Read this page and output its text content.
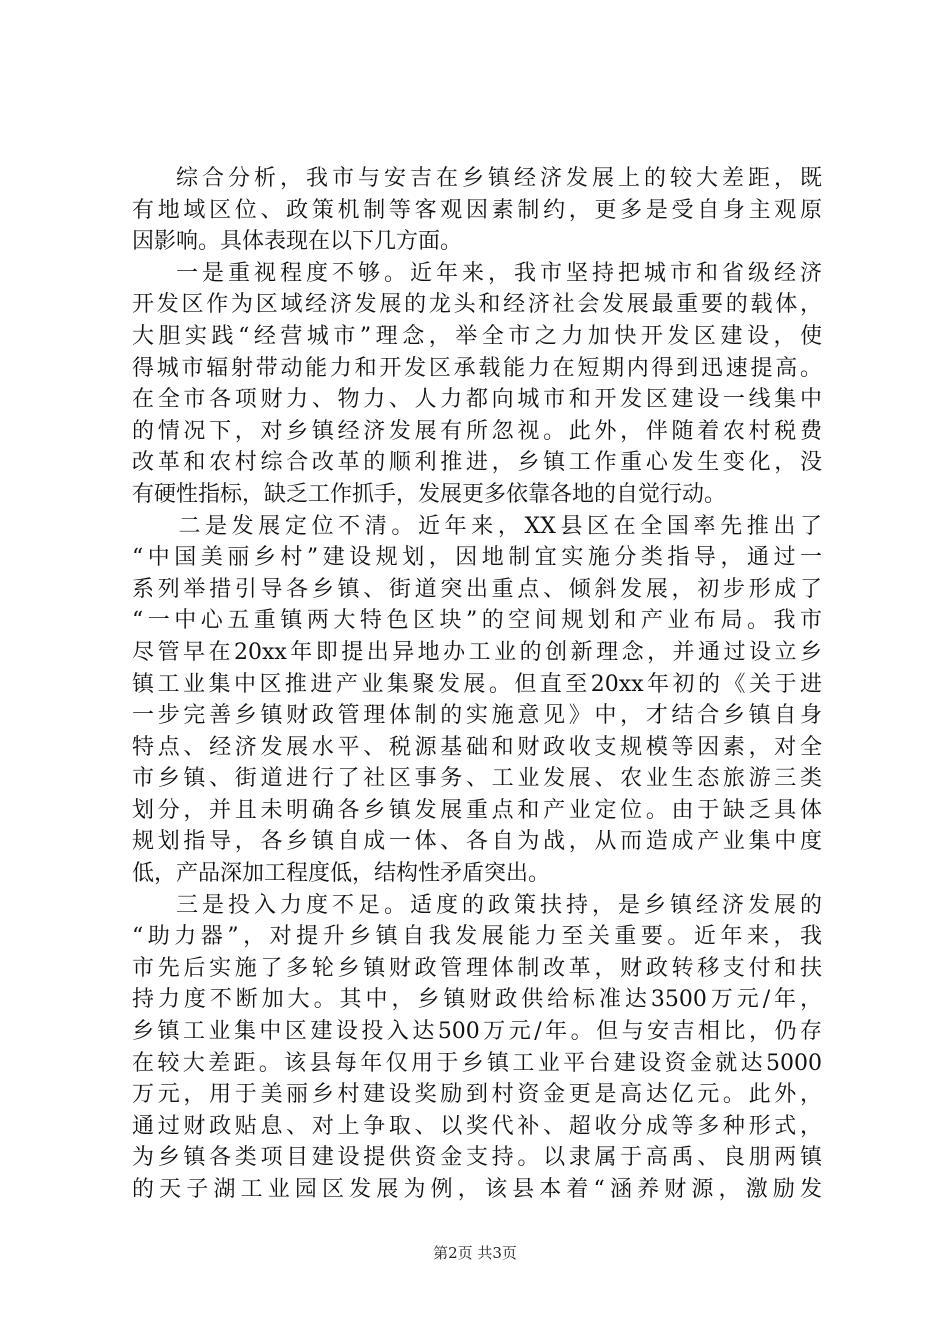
综合分析，我市与安吉在乡镇经济发展上的较大差距，既
有地域区位、政策机制等客观因素制约，更多是受自身主观原
因影响。具体表现在以下几方面。
一是重视程度不够。近年来，我市坚持把城市和省级经济
开发区作为区域经济发展的龙头和经济社会发展最重要的载体，
大胆实践“经营城市”理念，举全市之力加快开发区建设，使
得城市辐射带动能力和开发区承载能力在短期内得到迅速提高。
在全市各项财力、物力、人力都向城市和开发区建设一线集中
的情况下，对乡镇经济发展有所忽视。此外，伴随着农村税费
改革和农村综合改革的顺利推进，乡镇工作重心发生变化，没
有硬性指标，缺乏工作抓手，发展更多依靠各地的自觉行动。
二是发展定位不清。近年来，XX县区在全国率先推出了
“中国美丽乡村”建设规划，因地制宜实施分类指导，通过一
系列举措引导各乡镇、街道突出重点、倾斜发展，初步形成了
“一中心五重镇两大特色区块”的空间规划和产业布局。我市
尽管早在20xx年即提出异地办工业的创新理念，并通过设立乡
镇工业集中区推进产业集聚发展。但直至20xx年初的《关于进
一步完善乡镇财政管理体制的实施意见》中，才结合乡镇自身
特点、经济发展水平、税源基础和财政收支规模等因素，对全
市乡镇、街道进行了社区事务、工业发展、农业生态旅游三类
划分，并且未明确各乡镇发展重点和产业定位。由于缺乏具体
规划指导，各乡镇自成一体、各自为战，从而造成产业集中度
低，产品深加工程度低，结构性矛盾突出。
三是投入力度不足。适度的政策扶持，是乡镇经济发展的
“助力器”，对提升乡镇自我发展能力至关重要。近年来，我
市先后实施了多轮乡镇财政管理体制改革，财政转移支付和扶
持力度不断加大。其中，乡镇财政供给标准达3500万元/年，
乡镇工业集中区建设投入达500万元/年。但与安吉相比，仍存
在较大差距。该县每年仅用于乡镇工业平台建设资金就达5000
万元，用于美丽乡村建设奖励到村资金更是高达亿元。此外，
通过财政贴息、对上争取、以奖代补、超收分成等多种形式，
为乡镇各类项目建设提供资金支持。以隶属于高禹、良朋两镇
的天子湖工业园区发展为例，该县本着“涵养财源，激励发
第2页 共3页
